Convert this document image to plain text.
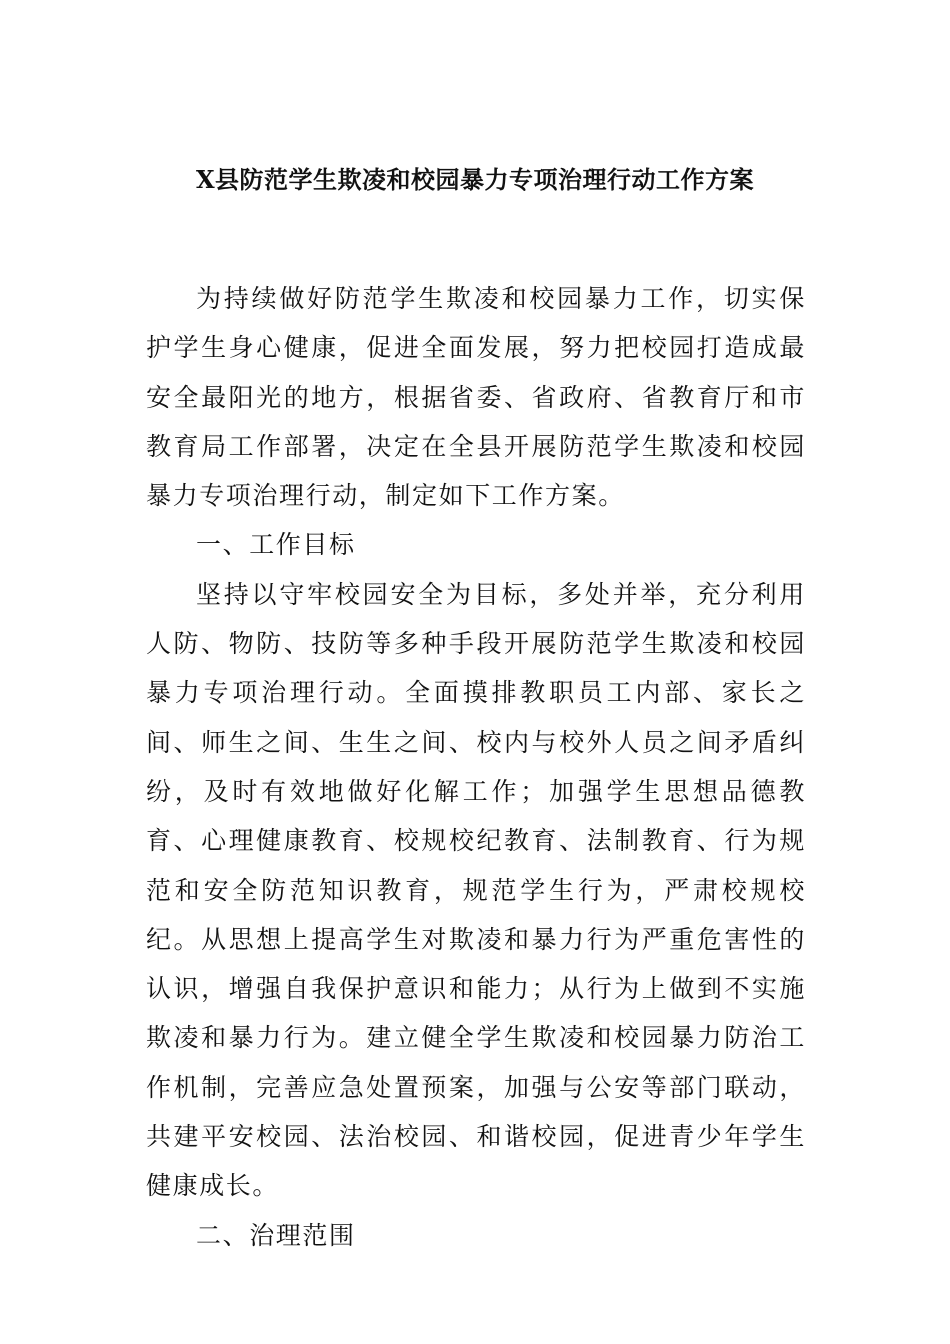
X县防范学生欺凌和校园暴力专项治理行动工作方案

为持续做好防范学生欺凌和校园暴力工作，切实保护学生身心健康，促进全面发展，努力把校园打造成最安全最阳光的地方，根据省委、省政府、省教育厅和市教育局工作部署，决定在全县开展防范学生欺凌和校园暴力专项治理行动，制定如下工作方案。

一、工作目标

坚持以守牢校园安全为目标，多处并举，充分利用人防、物防、技防等多种手段开展防范学生欺凌和校园暴力专项治理行动。全面摸排教职员工内部、家长之间、师生之间、生生之间、校内与校外人员之间矛盾纠纷，及时有效地做好化解工作；加强学生思想品德教育、心理健康教育、校规校纪教育、法制教育、行为规范和安全防范知识教育，规范学生行为，严肃校规校纪。从思想上提高学生对欺凌和暴力行为严重危害性的认识，增强自我保护意识和能力；从行为上做到不实施欺凌和暴力行为。建立健全学生欺凌和校园暴力防治工作机制，完善应急处置预案，加强与公安等部门联动，共建平安校园、法治校园、和谐校园，促进青少年学生健康成长。

二、治理范围
